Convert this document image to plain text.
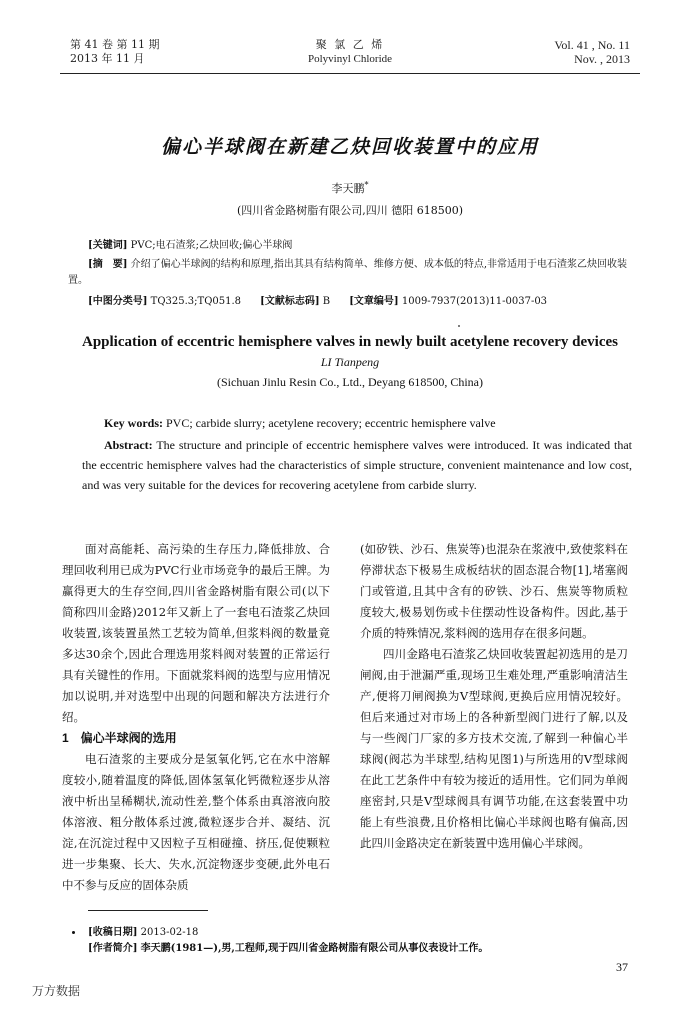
第 41 卷 第 11 期
2013 年 11 月
聚 氯 乙 烯
Polyvinyl Chloride
Vol. 41 , No. 11
Nov. , 2013
偏心半球阀在新建乙炔回收装置中的应用
李天鹏*
(四川省金路树脂有限公司,四川 德阳 618500)
[关键词] PVC;电石渣浆;乙炔回收;偏心半球阀
[摘　要] 介绍了偏心半球阀的结构和原理,指出其具有结构简单、维修方便、成本低的特点,非常适用于电石渣浆乙炔回收装置。
[中图分类号] TQ325.3;TQ051.8 [文献标志码] B [文章编号] 1009-7937(2013)11-0037-03
Application of eccentric hemisphere valves in newly built acetylene recovery devices
LI Tianpeng
(Sichuan Jinlu Resin Co., Ltd., Deyang 618500, China)
Key words: PVC; carbide slurry; acetylene recovery; eccentric hemisphere valve
Abstract: The structure and principle of eccentric hemisphere valves were introduced. It was indicated that the eccentric hemisphere valves had the characteristics of simple structure, convenient maintenance and low cost, and was very suitable for the devices for recovering acetylene from carbide slurry.

面对高能耗、高污染的生存压力,降低排放、合理回收利用已成为PVC行业市场竞争的最后王牌。为赢得更大的生存空间,四川省金路树脂有限公司(以下简称四川金路)2012年又新上了一套电石渣浆乙炔回收装置,该装置虽然工艺较为简单,但浆料阀的数量竟多达30余个,因此合理选用浆料阀对装置的正常运行具有关键性的作用。下面就浆料阀的选型与应用情况加以说明,并对选型中出现的问题和解决方法进行介绍。

1　偏心半球阀的选用

电石渣浆的主要成分是氢氧化钙,它在水中溶解度较小,随着温度的降低,固体氢氧化钙微粒逐步从溶液中析出呈稀糊状,流动性差,整个体系由真溶液向胶体溶液、粗分散体系过渡,微粒逐步合并、凝结、沉淀,在沉淀过程中又因粒子互相碰撞、挤压,促使颗粒进一步集聚、长大、失水,沉淀物逐步变硬,此外电石中不参与反应的固体杂质

(如矽铁、沙石、焦炭等)也混杂在浆液中,致使浆料在停滞状态下极易生成板结状的固态混合物[1],堵塞阀门或管道,且其中含有的矽铁、沙石、焦炭等物质粒度较大,极易划伤或卡住摆动性设备构件。因此,基于介质的特殊情况,浆料阀的选用存在很多问题。

四川金路电石渣浆乙炔回收装置起初选用的是刀闸阀,由于泄漏严重,现场卫生难处理,严重影响清洁生产,便将刀闸阀换为V型球阀,更换后应用情况较好。但后来通过对市场上的各种新型阀门进行了解,以及与一些阀门厂家的多方技术交流,了解到一种偏心半球阀(阀芯为半球型,结构见图1)与所选用的V型球阀在此工艺条件中有较为接近的适用性。它们同为单阀座密封,只是V型球阀具有调节功能,在这套装置中功能上有些浪费,且价格相比偏心半球阀也略有偏高,因此四川金路决定在新装置中选用偏心半球阀。

[收稿日期] 2013-02-18
[作者简介] 李天鹏(1981—),男,工程师,现于四川省金路树脂有限公司从事仪表设计工作。
37
万方数据
